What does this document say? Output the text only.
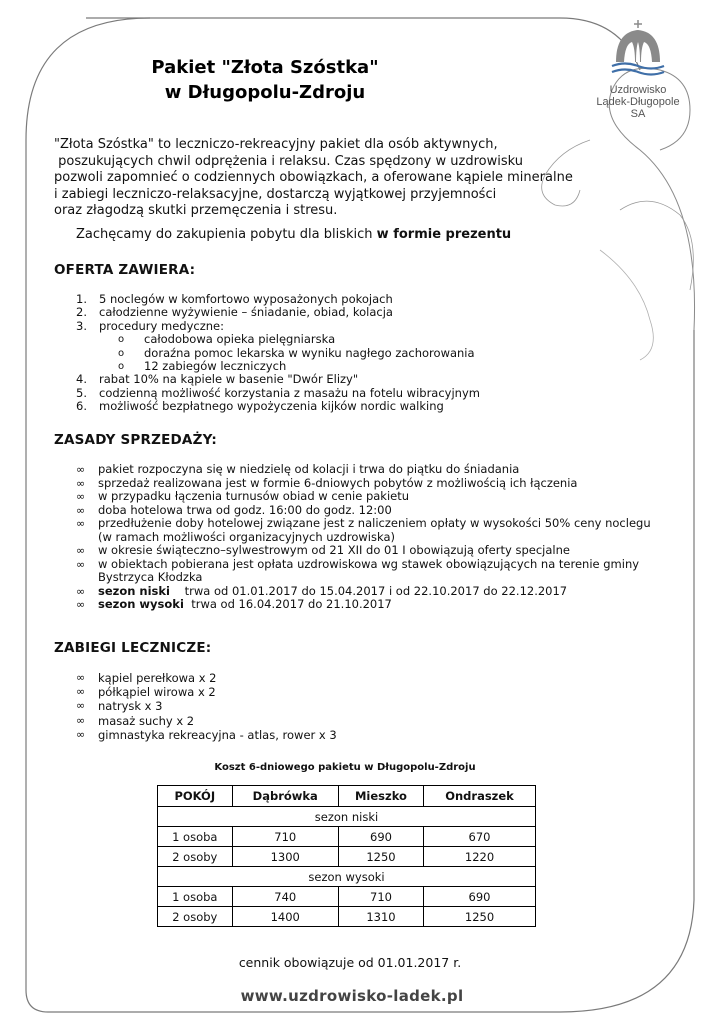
Uzdrowisko
Lądek-Długopole SA
Pakiet "Złota Szóstka"
w Długopolu-Zdroju
"Złota Szóstka" to leczniczo-rekreacyjny pakiet dla osób aktywnych,
poszukujących chwil odprężenia i relaksu. Czas spędzony w uzdrowisku
pozwoli zapomnieć o codziennych obowiązkach, a oferowane kąpiele mineralne
i zabiegi leczniczo-relaksacyjne, dostarczą wyjątkowej przyjemności
oraz złagodzą skutki przemęczenia i stresu.
Zachęcamy do zakupienia pobytu dla bliskich w formie prezentu
OFERTA ZAWIERA:
1.	5 noclegów w komfortowo wyposażonych pokojach
2.	całodzienne wyżywienie – śniadanie, obiad, kolacja
3.	procedury medyczne:
o	całodobowa opieka pielęgniarska
o	doraźna pomoc lekarska w wyniku nagłego zachorowania
o	12 zabiegów leczniczych
4.	rabat 10% na kąpiele w basenie "Dwór Elizy"
5.	codzienną możliwość korzystania z masażu na fotelu wibracyjnym
6.	możliwość bezpłatnego wypożyczenia kijków nordic walking
ZASADY SPRZEDAŻY:
∞	pakiet rozpoczyna się w niedzielę od kolacji i trwa do piątku do śniadania
∞	sprzedaż realizowana jest w formie 6-dniowych pobytów z możliwością ich łączenia
∞	w przypadku łączenia turnusów obiad w cenie pakietu
∞	doba hotelowa trwa od godz. 16:00 do godz. 12:00
∞	przedłużenie doby hotelowej związane jest z naliczeniem opłaty w wysokości 50% ceny noclegu
(w ramach możliwości organizacyjnych uzdrowiska)
∞	w okresie świąteczno–sylwestrowym od 21 XII do 01 I obowiązują oferty specjalne
∞	w obiektach pobierana jest opłata uzdrowiskowa wg stawek obowiązujących na terenie gminy
Bystrzyca Kłodzka
∞	sezon niski trwa od 01.01.2017 do 15.04.2017 i od 22.10.2017 do 22.12.2017
∞	sezon wysoki trwa od 16.04.2017 do 21.10.2017
ZABIEGI LECZNICZE:
∞	kąpiel perełkowa x 2
∞	półkąpiel wirowa x 2
∞	natrysk x 3
∞	masaż suchy x 2
∞	gimnastyka rekreacyjna - atlas, rower x 3
Koszt 6-dniowego pakietu w Długopolu-Zdroju
POKÓJ	Dąbrówka	Mieszko	Ondraszek
sezon niski			
1 osoba	710	690	670
2 osoby	1300	1250	1220
sezon wysoki			
1 osoba	740	710	690
2 osoby	1400	1310	1250
cennik obowiązuje od 01.01.2017 r.
www.uzdrowisko-ladek.pl
